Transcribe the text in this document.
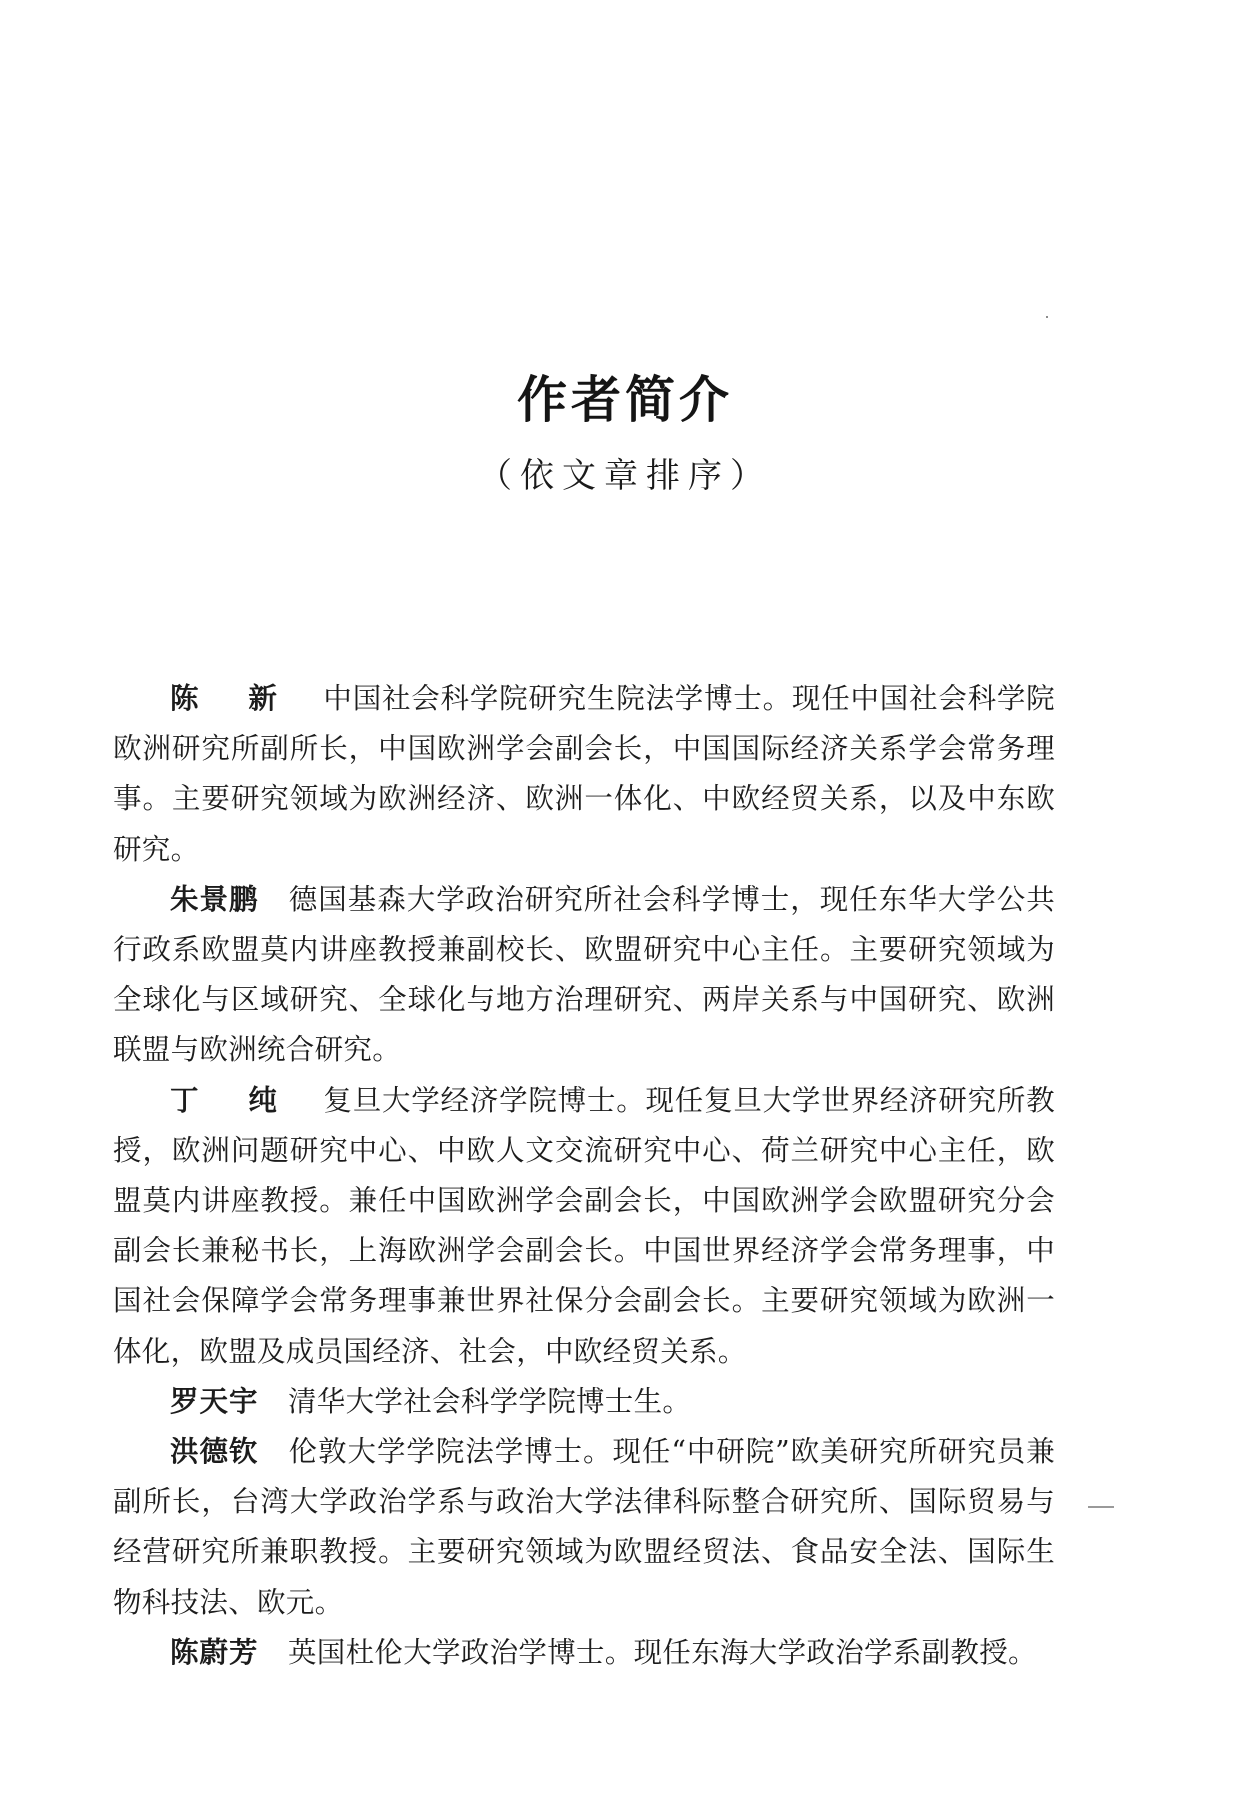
作者简介

（依文章排序）

陈 新 中国社会科学院研究生院法学博士。现任中国社会科学院欧洲研究所副所长，中国欧洲学会副会长，中国国际经济关系学会常务理事。主要研究领域为欧洲经济、欧洲一体化、中欧经贸关系，以及中东欧研究。

朱景鹏 德国基森大学政治研究所社会科学博士，现任东华大学公共行政系欧盟莫内讲座教授兼副校长、欧盟研究中心主任。主要研究领域为全球化与区域研究、全球化与地方治理研究、两岸关系与中国研究、欧洲联盟与欧洲统合研究。

丁 纯 复旦大学经济学院博士。现任复旦大学世界经济研究所教授，欧洲问题研究中心、中欧人文交流研究中心、荷兰研究中心主任，欧盟莫内讲座教授。兼任中国欧洲学会副会长，中国欧洲学会欧盟研究分会副会长兼秘书长，上海欧洲学会副会长。中国世界经济学会常务理事，中国社会保障学会常务理事兼世界社保分会副会长。主要研究领域为欧洲一体化，欧盟及成员国经济、社会，中欧经贸关系。

罗天宇 清华大学社会科学学院博士生。

洪德钦 伦敦大学学院法学博士。现任“中研院”欧美研究所研究员兼副所长，台湾大学政治学系与政治大学法律科际整合研究所、国际贸易与经营研究所兼职教授。主要研究领域为欧盟经贸法、食品安全法、国际生物科技法、欧元。

陈蔚芳 英国杜伦大学政治学博士。现任东海大学政治学系副教授。
